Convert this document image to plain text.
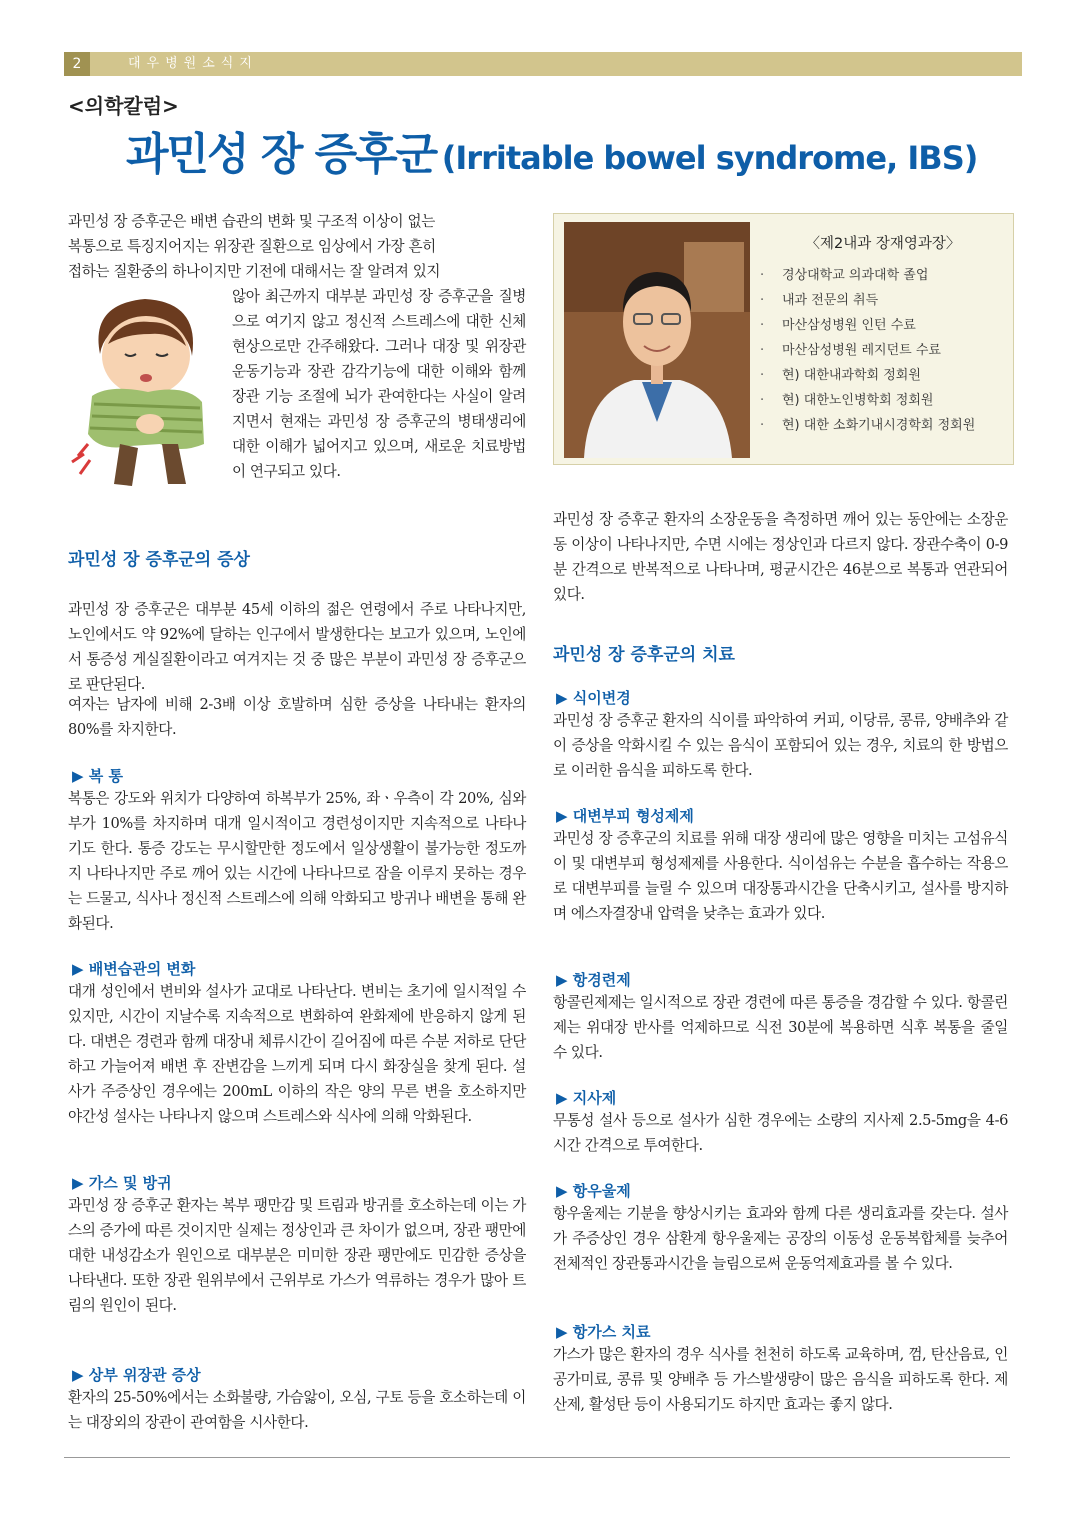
2	대우병원소식지
<의학칼럼>
과민성 장 증후군 (Irritable bowel syndrome, IBS)

과민성 장 증후군은 배변 습관의 변화 및 구조적 이상이 없는

복통으로 특징지어지는 위장관 질환으로 임상에서 가장 흔히

접하는 질환중의 하나이지만 기전에 대해서는 잘 알려져 있지

않아 최근까지 대부분 과민성 장 증후군을 질병으로 여기지 않고 정신적 스트레스에 대한 신체현상으로만 간주해왔다. 그러나 대장 및 위장관 운동기능과 장관 감각기능에 대한 이해와 함께 장관 기능 조절에 뇌가 관여한다는 사실이 알려지면서 현재는 과민성 장 증후군의 병태생리에 대한 이해가 넓어지고 있으며, 새로운 치료방법이 연구되고 있다.
〈제2내과 장재영과장〉
· 경상대학교 의과대학 졸업
· 내과 전문의 취득
· 마산삼성병원 인턴 수료
· 마산삼성병원 레지던트 수료
· 현) 대한내과학회 정회원
· 현) 대한노인병학회 정회원
· 현) 대한 소화기내시경학회 정회원
과민성 장 증후군의 증상
과민성 장 증후군은 대부분 45세 이하의 젊은 연령에서 주로 나타나지만, 노인에서도 약 92%에 달하는 인구에서 발생한다는 보고가 있으며, 노인에서 통증성 게실질환이라고 여겨지는 것 중 많은 부분이 과민성 장 증후군으로 판단된다.
여자는 남자에 비해 2-3배 이상 호발하며 심한 증상을 나타내는 환자의 80%를 차지한다.
▶ 복 통
복통은 강도와 위치가 다양하여 하복부가 25%, 좌ㆍ우측이 각 20%, 심와부가 10%를 차지하며 대개 일시적이고 경련성이지만 지속적으로 나타나기도 한다. 통증 강도는 무시할만한 정도에서 일상생활이 불가능한 정도까지 나타나지만 주로 깨어 있는 시간에 나타나므로 잠을 이루지 못하는 경우는 드물고, 식사나 정신적 스트레스에 의해 악화되고 방귀나 배변을 통해 완화된다.
▶ 배변습관의 변화
대개 성인에서 변비와 설사가 교대로 나타난다. 변비는 초기에 일시적일 수 있지만, 시간이 지날수록 지속적으로 변화하여 완화제에 반응하지 않게 된다. 대변은 경련과 함께 대장내 체류시간이 길어짐에 따른 수분 저하로 단단하고 가늘어져 배변 후 잔변감을 느끼게 되며 다시 화장실을 찾게 된다. 설사가 주증상인 경우에는 200mL 이하의 작은 양의 무른 변을 호소하지만 야간성 설사는 나타나지 않으며 스트레스와 식사에 의해 악화된다.
▶ 가스 및 방귀
과민성 장 증후군 환자는 복부 팽만감 및 트림과 방귀를 호소하는데 이는 가스의 증가에 따른 것이지만 실제는 정상인과 큰 차이가 없으며, 장관 팽만에 대한 내성감소가 원인으로 대부분은 미미한 장관 팽만에도 민감한 증상을 나타낸다. 또한 장관 원위부에서 근위부로 가스가 역류하는 경우가 많아 트림의 원인이 된다.
▶ 상부 위장관 증상
환자의 25-50%에서는 소화불량, 가슴앓이, 오심, 구토 등을 호소하는데 이는 대장외의 장관이 관여함을 시사한다.
과민성 장 증후군 환자의 소장운동을 측정하면 깨어 있는 동안에는 소장운동 이상이 나타나지만, 수면 시에는 정상인과 다르지 않다. 장관수축이 0-9분 간격으로 반복적으로 나타나며, 평균시간은 46분으로 복통과 연관되어 있다.
과민성 장 증후군의 치료
▶ 식이변경
과민성 장 증후군 환자의 식이를 파악하여 커피, 이당류, 콩류, 양배추와 같이 증상을 악화시킬 수 있는 음식이 포함되어 있는 경우, 치료의 한 방법으로 이러한 음식을 피하도록 한다.
▶ 대변부피 형성제제
과민성 장 증후군의 치료를 위해 대장 생리에 많은 영향을 미치는 고섬유식이 및 대변부피 형성제제를 사용한다. 식이섬유는 수분을 흡수하는 작용으로 대변부피를 늘릴 수 있으며 대장통과시간을 단축시키고, 설사를 방지하며 에스자결장내 압력을 낮추는 효과가 있다.
▶ 항경련제
항콜린제제는 일시적으로 장관 경련에 따른 통증을 경감할 수 있다. 항콜린제는 위대장 반사를 억제하므로 식전 30분에 복용하면 식후 복통을 줄일 수 있다.
▶ 지사제
무통성 설사 등으로 설사가 심한 경우에는 소량의 지사제 2.5-5mg을 4-6시간 간격으로 투여한다.
▶ 항우울제
항우울제는 기분을 향상시키는 효과와 함께 다른 생리효과를 갖는다. 설사가 주증상인 경우 삼환계 항우울제는 공장의 이동성 운동복합체를 늦추어 전체적인 장관통과시간을 늘림으로써 운동억제효과를 볼 수 있다.
▶ 항가스 치료
가스가 많은 환자의 경우 식사를 천천히 하도록 교육하며, 껌, 탄산음료, 인공가미료, 콩류 및 양배추 등 가스발생량이 많은 음식을 피하도록 한다. 제산제, 활성탄 등이 사용되기도 하지만 효과는 좋지 않다.
